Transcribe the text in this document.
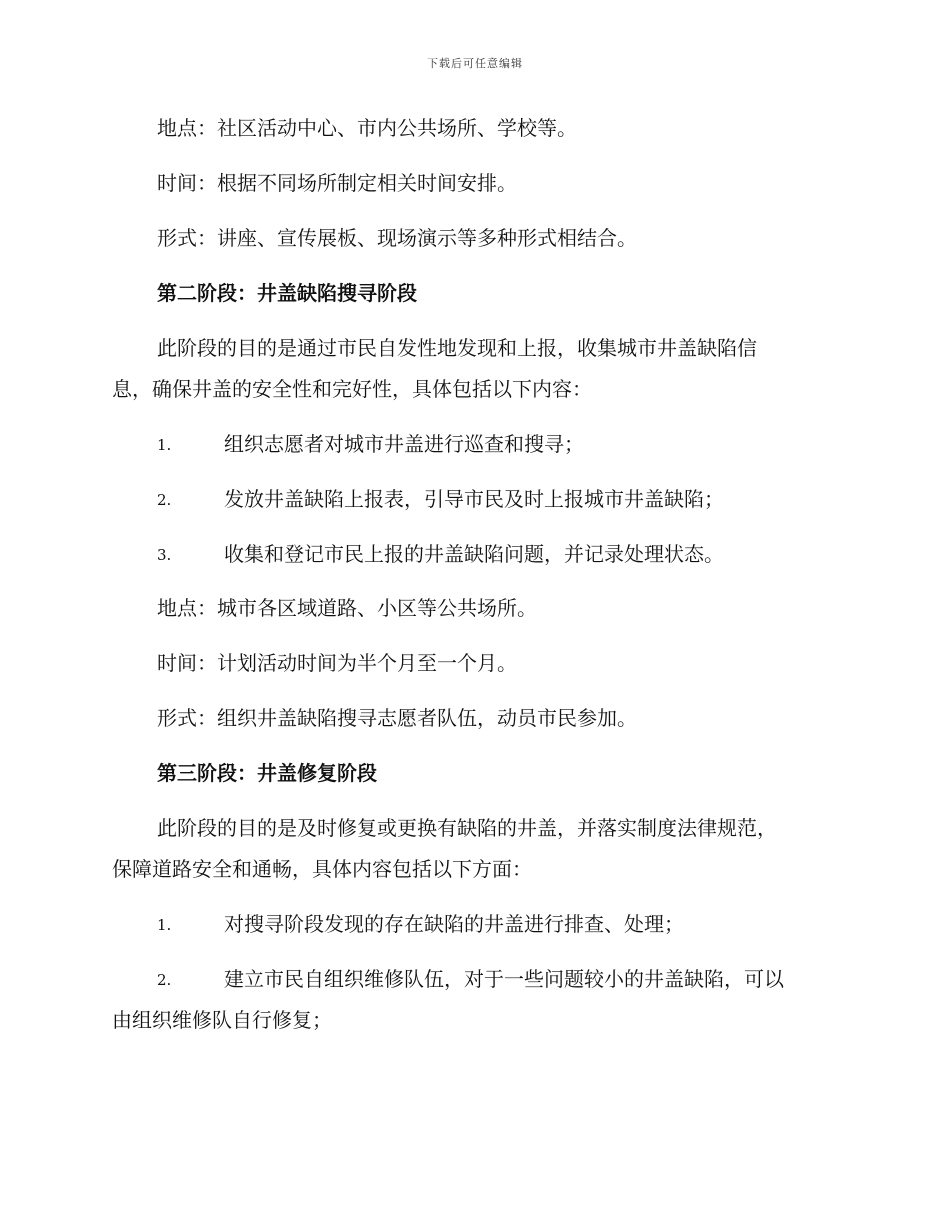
下载后可任意编辑
地点：社区活动中心、市内公共场所、学校等。
时间：根据不同场所制定相关时间安排。
形式：讲座、宣传展板、现场演示等多种形式相结合。
第二阶段：井盖缺陷搜寻阶段
此阶段的目的是通过市民自发性地发现和上报，收集城市井盖缺陷信
息，确保井盖的安全性和完好性，具体包括以下内容：
1.	组织志愿者对城市井盖进行巡查和搜寻；
2.	发放井盖缺陷上报表，引导市民及时上报城市井盖缺陷；
3.	收集和登记市民上报的井盖缺陷问题，并记录处理状态。
地点：城市各区域道路、小区等公共场所。
时间：计划活动时间为半个月至一个月。
形式：组织井盖缺陷搜寻志愿者队伍，动员市民参加。
第三阶段：井盖修复阶段
此阶段的目的是及时修复或更换有缺陷的井盖，并落实制度法律规范，
保障道路安全和通畅，具体内容包括以下方面：
1.	对搜寻阶段发现的存在缺陷的井盖进行排查、处理；
2.	建立市民自组织维修队伍，对于一些问题较小的井盖缺陷，可以
由组织维修队自行修复；
